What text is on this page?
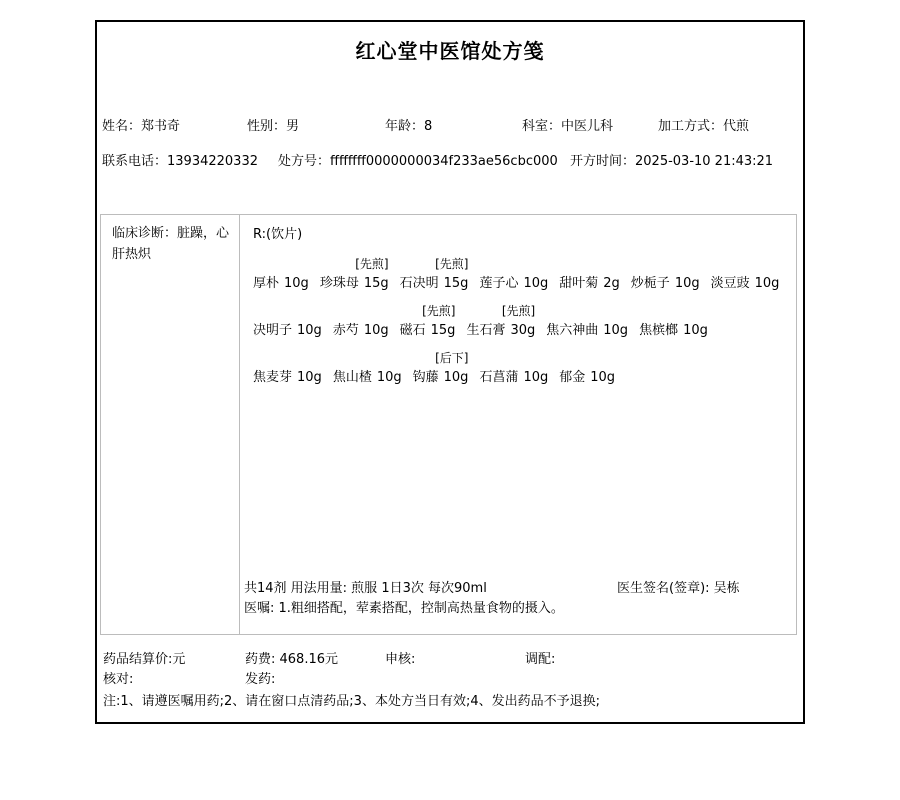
红心堂中医馆处方笺
姓名：郑书奇	性别：男	年龄：8	科室：中医儿科	加工方式：代煎
联系电话：13934220332 处方号：ffffffff0000000034f233ae56cbc000 开方时间：2025-03-10 21:43:21
临床诊断：脏躁，心肝热炽
R:(饮片)
厚朴 10g
[先煎]
珍珠母 15g
[先煎]
石决明 15g 莲子心 10g 甜叶菊 2g 炒栀子 10g 淡豆豉 10g
决明子 10g 赤芍 10g
[先煎]
磁石 15g
[先煎]
生石膏 30g 焦六神曲 10g 焦槟榔 10g
焦麦芽 10g 焦山楂 10g
[后下]
钩藤 10g 石菖蒲 10g 郁金 10g
共14剂 用法用量: 煎服 1日3次 每次90ml	医生签名(签章): 吴栋
医嘱: 1.粗细搭配，荤素搭配，控制高热量食物的摄入。
药品结算价:元	药费: 468.16元	申核:	调配:
核对:	发药:
注:1、请遵医嘱用药;2、请在窗口点清药品;3、本处方当日有效;4、发出药品不予退换;
